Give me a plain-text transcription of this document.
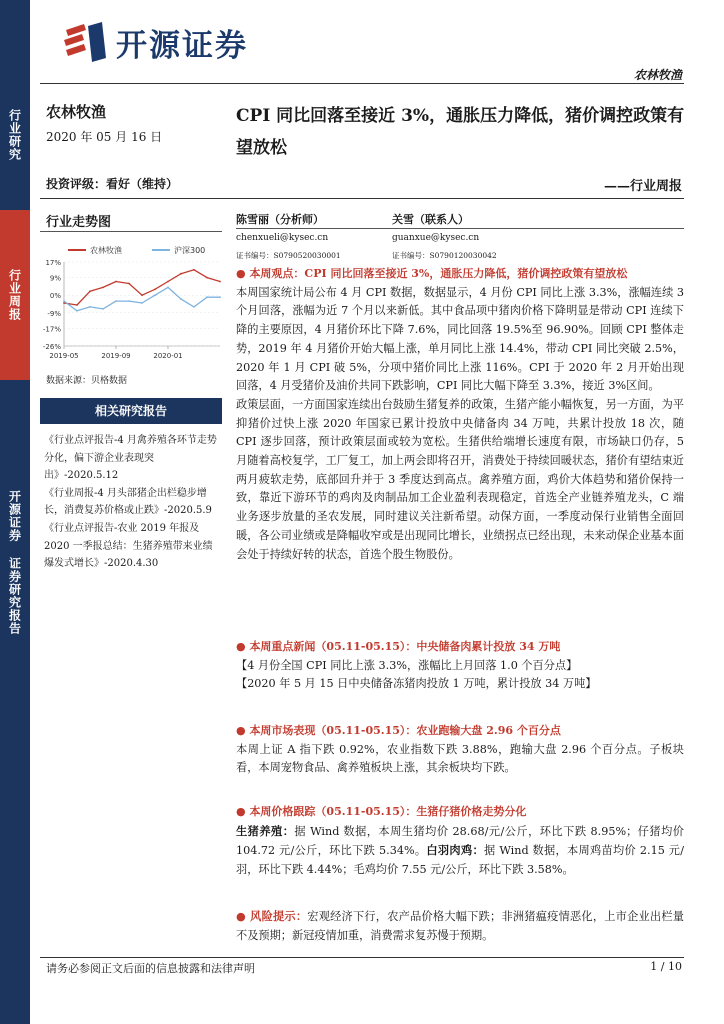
开源证券
农林牧渔
行业研究
行业周报
开源证券 证券研究报告
农林牧渔
2020 年 05 月 16 日
CPI 同比回落至接近 3%，通胀压力降低，猪价调控政策有望放松
投资评级：看好（维持）	——行业周报
行业走势图
农林牧渔	沪深300
17%
9%
0%
-9%
-17%
-26%
2019-05	2019-09	2020-01
数据来源：贝格数据
相关研究报告

《行业点评报告-4 月禽养殖各环节走势分化，偏下游企业表现突出》-2020.5.12

《行业周报-4 月头部猪企出栏稳步增长，消费复苏价格或止跌》-2020.5.9

《行业点评报告-农业 2019 年报及2020 一季报总结：生猪养殖带来业绩爆发式增长》-2020.4.30

陈雪丽（分析师）	关雪（联系人）
chenxueli@kysec.cn	guanxue@kysec.cn
证书编号：S0790520030001	证书编号：S0790120030042
● 本周观点：CPI 同比回落至接近 3%，通胀压力降低，猪价调控政策有望放松

本周国家统计局公布 4 月 CPI 数据，数据显示，4 月份 CPI 同比上涨 3.3%，涨幅连续 3 个月回落，涨幅为近 7 个月以来新低。其中食品项中猪肉价格下降明显是带动 CPI 连续下降的主要原因，4 月猪价环比下降 7.6%，同比回落 19.5%至 96.90%。回顾 CPI 整体走势，2019 年 4 月猪价开始大幅上涨，单月同比上涨 14.4%，带动 CPI 同比突破 2.5%，2020 年 1 月 CPI 破 5%，分项中猪价同比上涨 116%。CPI 于 2020 年 2 月开始出现回落，4 月受猪价及油价共同下跌影响，CPI 同比大幅下降至 3.3%，接近 3%区间。

政策层面，一方面国家连续出台鼓励生猪复养的政策，生猪产能小幅恢复，另一方面，为平抑猪价过快上涨 2020 年国家已累计投放中央储备肉 34 万吨，共累计投放 18 次，随 CPI 逐步回落，预计政策层面或较为宽松。生猪供给端增长速度有限，市场缺口仍存，5 月随着高校复学，工厂复工，加上两会即将召开，消费处于持续回暖状态，猪价有望结束近两月疲软走势，底部回升并于 3 季度达到高点。禽养殖方面，鸡价大体趋势和猪价保持一致，靠近下游环节的鸡肉及肉制品加工企业盈利表现稳定，首选全产业链养殖龙头，C 端业务逐步放量的圣农发展，同时建议关注新希望。动保方面，一季度动保行业销售全面回暖，各公司业绩或是降幅收窄或是出现同比增长，业绩拐点已经出现，未来动保企业基本面会处于持续好转的状态，首选个股生物股份。

● 本周重点新闻（05.11-05.15）：中央储备肉累计投放 34 万吨

【4 月份全国 CPI 同比上涨 3.3%，涨幅比上月回落 1.0 个百分点】

【2020 年 5 月 15 日中央储备冻猪肉投放 1 万吨，累计投放 34 万吨】

● 本周市场表现（05.11-05.15）：农业跑输大盘 2.96 个百分点

本周上证 A 指下跌 0.92%，农业指数下跌 3.88%，跑输大盘 2.96 个百分点。子板块看，本周宠物食品、禽养殖板块上涨，其余板块均下跌。

● 本周价格跟踪（05.11-05.15）：生猪仔猪价格走势分化

生猪养殖：据 Wind 数据，本周生猪均价 28.68/元/公斤，环比下跌 8.95%；仔猪均价 104.72 元/公斤，环比下跌 5.34%。白羽肉鸡：据 Wind 数据，本周鸡苗均价 2.15 元/羽，环比下跌 4.44%；毛鸡均价 7.55 元/公斤，环比下跌 3.58%。

● 风险提示：宏观经济下行，农产品价格大幅下跌；非洲猪瘟疫情恶化，上市企业出栏量不及预期；新冠疫情加重，消费需求复苏慢于预期。

请务必参阅正文后面的信息披露和法律声明	1 / 10
